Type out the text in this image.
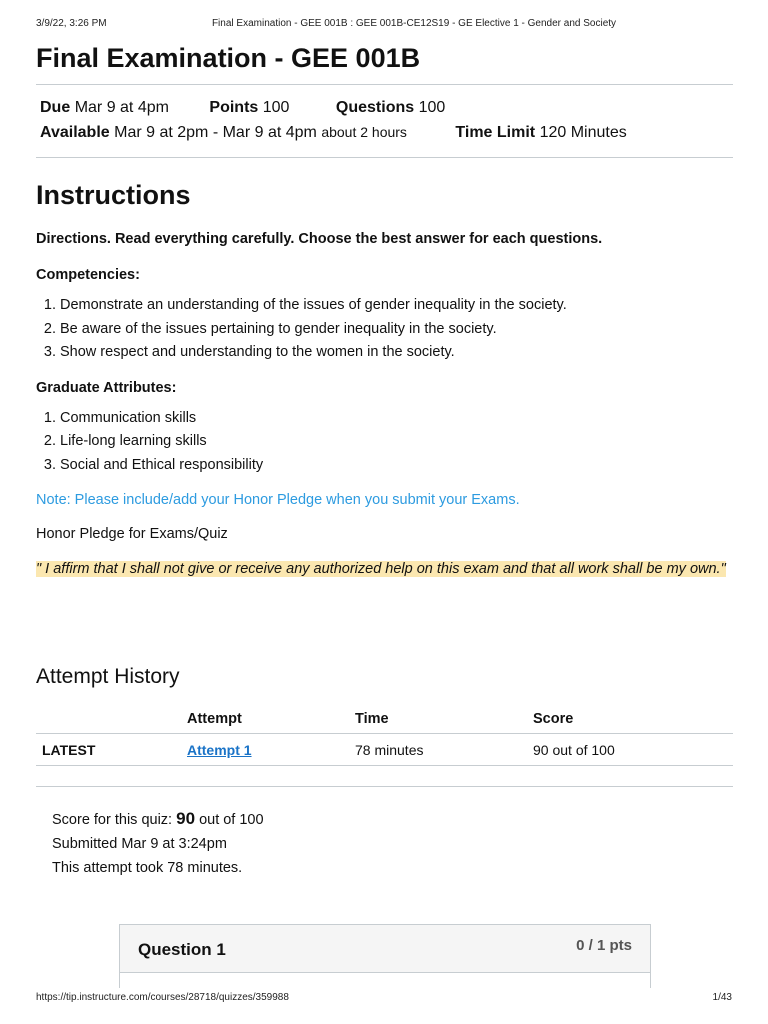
3/9/22, 3:26 PM	Final Examination - GEE 001B : GEE 001B-CE12S19 - GE Elective 1 - Gender and Society
Final Examination - GEE 001B
Due Mar 9 at 4pm	Points 100	Questions 100
Available Mar 9 at 2pm - Mar 9 at 4pm about 2 hours	Time Limit 120 Minutes
Instructions

Directions. Read everything carefully. Choose the best answer for each questions.

Competencies:

1. Demonstrate an understanding of the issues of gender inequality in the society.
2. Be aware of the issues pertaining to gender inequality in the society.
3. Show respect and understanding to the women in the society.

Graduate Attributes:

1. Communication skills
2. Life-long learning skills
3. Social and Ethical responsibility

Note: Please include/add your Honor Pledge when you submit your Exams.

Honor Pledge for Exams/Quiz

" I affirm that I shall not give or receive any authorized help on this exam and that all work shall be my own."

Attempt History
	Attempt	Time	Score
LATEST	Attempt 1	78 minutes	90 out of 100
Score for this quiz: 90 out of 100
Submitted Mar 9 at 3:24pm
This attempt took 78 minutes.
Question 1	0 / 1 pts
https://tip.instructure.com/courses/28718/quizzes/359988	1/43
